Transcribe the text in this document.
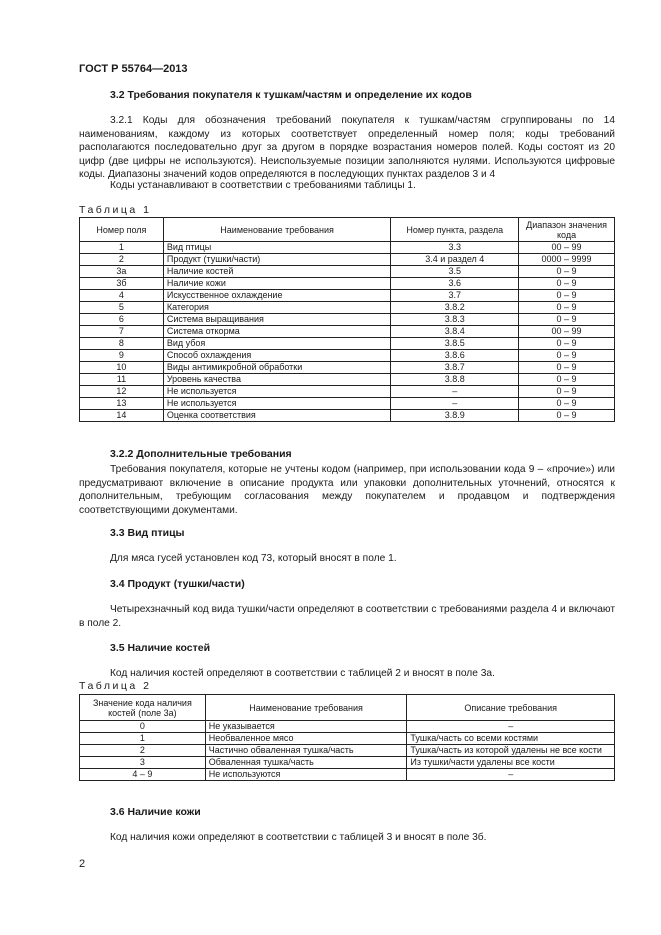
ГОСТ Р 55764—2013
3.2 Требования покупателя к тушкам/частям и определение их кодов
3.2.1 Коды для обозначения требований покупателя к тушкам/частям сгруппированы по 14 наименованиям, каждому из которых соответствует определенный номер поля; коды требований располагаются последовательно друг за другом в порядке возрастания номеров полей. Коды состоят из 20 цифр (две цифры не используются). Неиспользуемые позиции заполняются нулями. Используются цифровые коды. Диапазоны значений кодов определяются в последующих пунктах разделов 3 и 4
Коды устанавливают в соответствии с требованиями таблицы 1.
Таблица 1
Номер поля	Наименование требования	Номер пункта, раздела	Диапазон значения кода
1	Вид птицы	3.3	00 – 99
2	Продукт (тушки/части)	3.4 и раздел 4	0000 – 9999
3а	Наличие костей	3.5	0 – 9
3б	Наличие кожи	3.6	0 – 9
4	Искусственное охлаждение	3.7	0 – 9
5	Категория	3.8.2	0 – 9
6	Система выращивания	3.8.3	0 – 9
7	Система откорма	3.8.4	00 – 99
8	Вид убоя	3.8.5	0 – 9
9	Способ охлаждения	3.8.6	0 – 9
10	Виды антимикробной обработки	3.8.7	0 – 9
11	Уровень качества	3.8.8	0 – 9
12	Не используется	–	0 – 9
13	Не используется	–	0 – 9
14	Оценка соответствия	3.8.9	0 – 9
3.2.2 Дополнительные требования
Требования покупателя, которые не учтены кодом (например, при использовании кода 9 – «прочие») или предусматривают включение в описание продукта или упаковки дополнительных уточнений, относятся к дополнительным, требующим согласования между покупателем и продавцом и подтверждения соответствующими документами.
3.3 Вид птицы
Для мяса гусей установлен код 73, который вносят в поле 1.
3.4 Продукт (тушки/части)
Четырехзначный код вида тушки/части определяют в соответствии с требованиями раздела 4 и включают в поле 2.
3.5 Наличие костей
Код наличия костей определяют в соответствии с таблицей 2 и вносят в поле 3а.
Таблица 2
Значение кода наличия костей (поле 3а)	Наименование требования	Описание требования
0	Не указывается	–
1	Необваленное мясо	Тушка/часть со всеми костями
2	Частично обваленная тушка/часть	Тушка/часть из которой удалены не все кости
3	Обваленная тушка/часть	Из тушки/части удалены все кости
4 – 9	Не используются	–
3.6 Наличие кожи
Код наличия кожи определяют в соответствии с таблицей 3 и вносят в поле 3б.
2
